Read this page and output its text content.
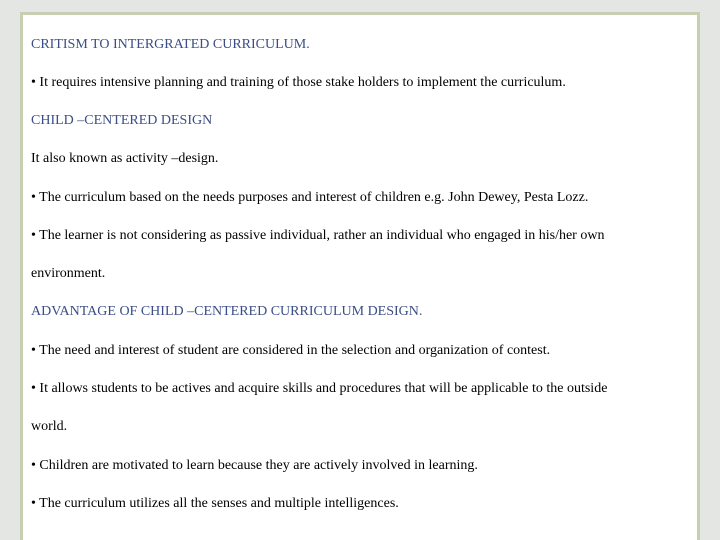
CRITISM TO INTERGRATED CURRICULUM.
• It requires intensive planning and training of those stake holders to implement the curriculum.
CHILD –CENTERED DESIGN
It also known as activity –design.
• The curriculum based on the needs purposes and interest of children e.g. John Dewey, Pesta Lozz.
• The learner is not considering as passive individual, rather an individual who engaged in his/her own
environment.
ADVANTAGE OF CHILD –CENTERED CURRICULUM DESIGN.
• The need and interest of student are considered in the selection and organization of contest.
• It allows students to be actives and acquire skills and procedures that will be applicable to the outside
world.
• Children are motivated to learn because they are actively involved in learning.
• The curriculum utilizes all the senses and multiple intelligences.
